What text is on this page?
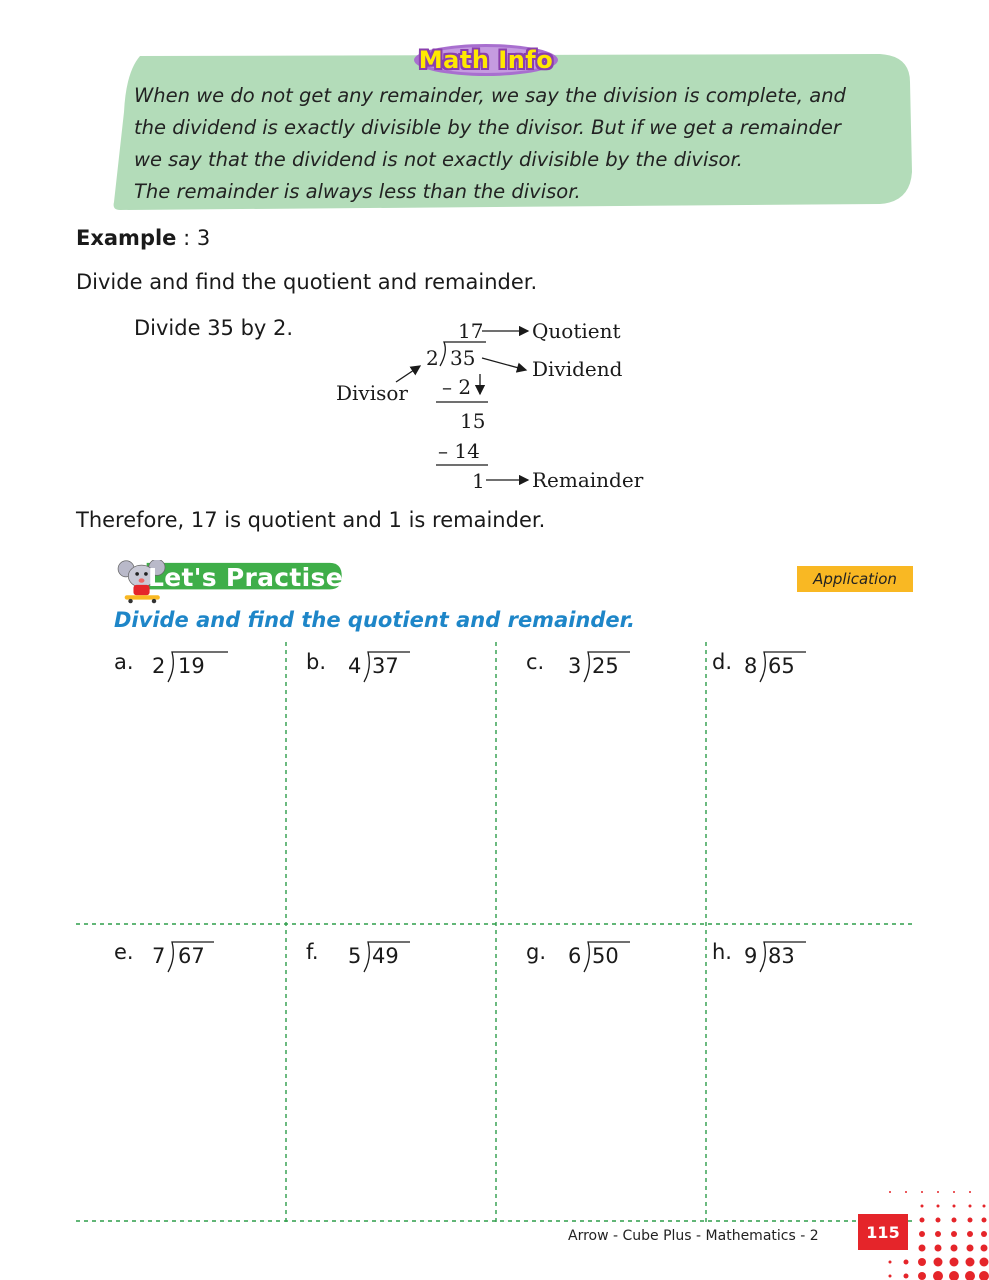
Math Info
When we do not get any remainder, we say the division is complete, and
the dividend is exactly divisible by the divisor. But if we get a remainder
we say that the dividend is not exactly divisible by the divisor.
The remainder is always less than the divisor.
Example : 3
Divide and find the quotient and remainder.
Divide 35 by 2.	17 Quotient
2 35	Dividend
Divisor – 2
15
– 14
1 Remainder
Therefore, 17 is quotient and 1 is remainder.
Let's Practise 6.6	Application
Divide and find the quotient and remainder.
a. 2 19	b. 4 37	c. 3 25	d. 8 65
e. 7 67	f. 5 49	g. 6 50	h. 9 83
Arrow - Cube Plus - Mathematics - 2	115
